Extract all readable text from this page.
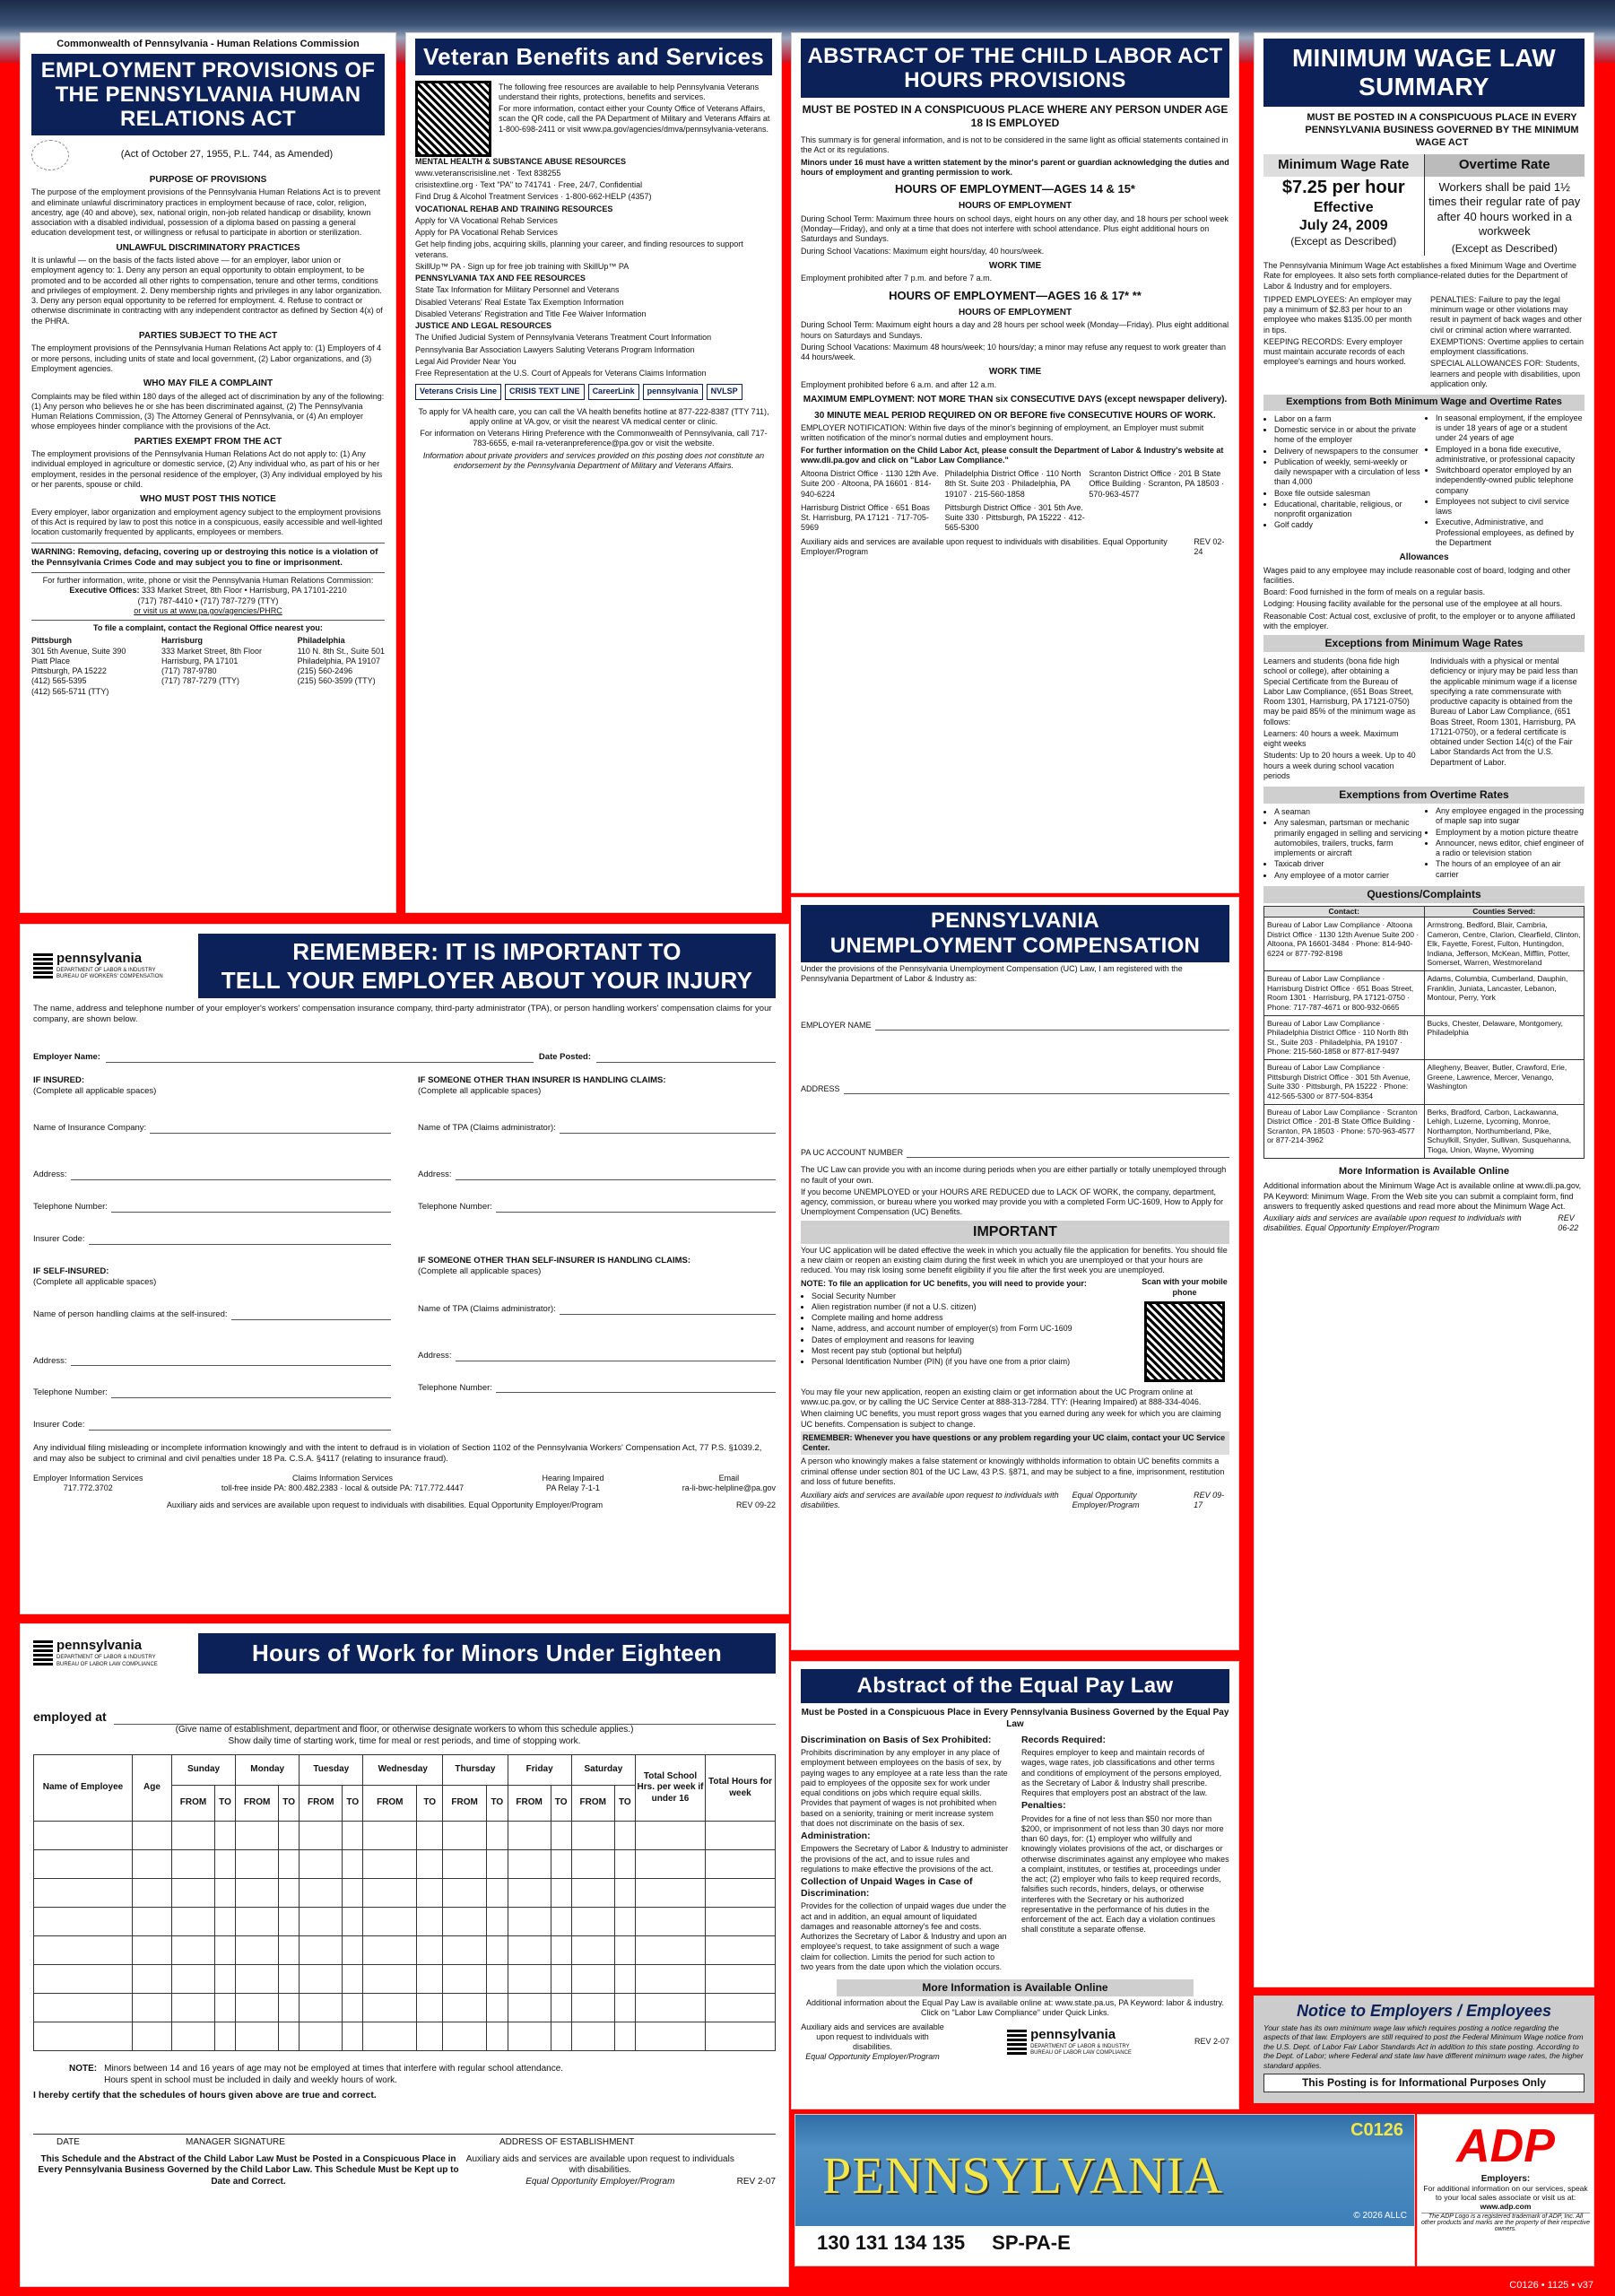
Commonwealth of Pennsylvania - Human Relations Commission
EMPLOYMENT PROVISIONS OF THE PENNSYLVANIA HUMAN RELATIONS ACT
(Act of October 27, 1955, P.L. 744, as Amended)
PURPOSE OF PROVISIONS

The purpose of the employment provisions of the Pennsylvania Human Relations Act is to prevent and eliminate unlawful discriminatory practices in employment because of race, color, religion, ancestry, age (40 and above), sex, national origin, non-job related handicap or disability, known association with a disabled individual, possession of a diploma based on passing a general education development test, or willingness or refusal to participate in abortion or sterilization.

UNLAWFUL DISCRIMINATORY PRACTICES

It is unlawful — on the basis of the facts listed above — for an employer, labor union or employment agency to: 1. Deny any person an equal opportunity to obtain employment, to be promoted and to be accorded all other rights to compensation, tenure and other terms, conditions and privileges of employment. 2. Deny membership rights and privileges in any labor organization. 3. Deny any person equal opportunity to be referred for employment. 4. Refuse to contract or otherwise discriminate in contracting with any independent contractor as defined by Section 4(x) of the PHRA.

PARTIES SUBJECT TO THE ACT

The employment provisions of the Pennsylvania Human Relations Act apply to: (1) Employers of 4 or more persons, including units of state and local government, (2) Labor organizations, and (3) Employment agencies.

WHO MAY FILE A COMPLAINT

Complaints may be filed within 180 days of the alleged act of discrimination by any of the following: (1) Any person who believes he or she has been discriminated against, (2) The Pennsylvania Human Relations Commission, (3) The Attorney General of Pennsylvania, or (4) An employer whose employees hinder compliance with the provisions of the Act.

PARTIES EXEMPT FROM THE ACT

The employment provisions of the Pennsylvania Human Relations Act do not apply to: (1) Any individual employed in agriculture or domestic service, (2) Any individual who, as part of his or her employment, resides in the personal residence of the employer, (3) Any individual employed by his or her parents, spouse or child.

WHO MUST POST THIS NOTICE

Every employer, labor organization and employment agency subject to the employment provisions of this Act is required by law to post this notice in a conspicuous, easily accessible and well-lighted location customarily frequented by applicants, employees or members.

WARNING: Removing, defacing, covering up or destroying this notice is a violation of the Pennsylvania Crimes Code and may subject you to fine or imprisonment.
For further information, write, phone or visit the Pennsylvania Human Relations Commission:
Executive Offices: 333 Market Street, 8th Floor • Harrisburg, PA 17101-2210
(717) 787-4410 • (717) 787-7279 (TTY)
or visit us at www.pa.gov/agencies/PHRC
To file a complaint, contact the Regional Office nearest you:
Pittsburgh
301 5th Avenue, Suite 390
Piatt Place
Pittsburgh, PA 15222
(412) 565-5395
(412) 565-5711 (TTY)
Harrisburg
333 Market Street, 8th Floor
Harrisburg, PA 17101
(717) 787-9780
(717) 787-7279 (TTY)
Philadelphia
110 N. 8th St., Suite 501
Philadelphia, PA 19107
(215) 560-2496
(215) 560-3599 (TTY)
Veteran Benefits and Services

The following free resources are available to help Pennsylvania Veterans understand their rights, protections, benefits and services.

For more information, contact either your County Office of Veterans Affairs, scan the QR code, call the PA Department of Military and Veterans Affairs at 1-800-698-2411 or visit www.pa.gov/agencies/dmva/pennsylvania-veterans.

MENTAL HEALTH & SUBSTANCE ABUSE RESOURCES

www.veteranscrisisline.net · Text 838255

crisistextline.org · Text "PA" to 741741 · Free, 24/7, Confidential

Find Drug & Alcohol Treatment Services · 1-800-662-HELP (4357)

VOCATIONAL REHAB AND TRAINING RESOURCES

Apply for VA Vocational Rehab Services

Apply for PA Vocational Rehab Services

Get help finding jobs, acquiring skills, planning your career, and finding resources to support veterans.

SkillUp™ PA · Sign up for free job training with SkillUp™ PA

PENNSYLVANIA TAX AND FEE RESOURCES

State Tax Information for Military Personnel and Veterans

Disabled Veterans' Real Estate Tax Exemption Information

Disabled Veterans' Registration and Title Fee Waiver Information

JUSTICE AND LEGAL RESOURCES

The Unified Judicial System of Pennsylvania Veterans Treatment Court Information

Pennsylvania Bar Association Lawyers Saluting Veterans Program Information

Legal Aid Provider Near You

Free Representation at the U.S. Court of Appeals for Veterans Claims Information

Veterans Crisis Line	CRISIS TEXT LINE	CareerLink	pennsylvania	NVLSP

To apply for VA health care, you can call the VA health benefits hotline at 877-222-8387 (TTY 711), apply online at VA.gov, or visit the nearest VA medical center or clinic.

For information on Veterans Hiring Preference with the Commonwealth of Pennsylvania, call 717-783-6655, e-mail ra-veteranpreference@pa.gov or visit the website.

Information about private providers and services provided on this posting does not constitute an endorsement by the Pennsylvania Department of Military and Veterans Affairs.

ABSTRACT OF THE CHILD LABOR ACT HOURS PROVISIONS
MUST BE POSTED IN A CONSPICUOUS PLACE WHERE ANY PERSON UNDER AGE 18 IS EMPLOYED

This summary is for general information, and is not to be considered in the same light as official statements contained in the Act or its regulations.

Minors under 16 must have a written statement by the minor's parent or guardian acknowledging the duties and hours of employment and granting permission to work.

HOURS OF EMPLOYMENT—AGES 14 & 15*
HOURS OF EMPLOYMENT

During School Term: Maximum three hours on school days, eight hours on any other day, and 18 hours per school week (Monday—Friday), and only at a time that does not interfere with school attendance. Plus eight additional hours on Saturdays and Sundays.

During School Vacations: Maximum eight hours/day, 40 hours/week.

WORK TIME

Employment prohibited after 7 p.m. and before 7 a.m.

HOURS OF EMPLOYMENT—AGES 16 & 17* **
HOURS OF EMPLOYMENT

During School Term: Maximum eight hours a day and 28 hours per school week (Monday—Friday). Plus eight additional hours on Saturdays and Sundays.

During School Vacations: Maximum 48 hours/week; 10 hours/day; a minor may refuse any request to work greater than 44 hours/week.

WORK TIME

Employment prohibited before 6 a.m. and after 12 a.m.

MAXIMUM EMPLOYMENT: NOT MORE THAN six CONSECUTIVE DAYS (except newspaper delivery).
30 MINUTE MEAL PERIOD REQUIRED ON OR BEFORE five CONSECUTIVE HOURS OF WORK.

EMPLOYER NOTIFICATION: Within five days of the minor's beginning of employment, an Employer must submit written notification of the minor's normal duties and employment hours.

For further information on the Child Labor Act, please consult the Department of Labor & Industry's website at www.dli.pa.gov and click on "Labor Law Compliance."

Altoona District Office · 1130 12th Ave. Suite 200 · Altoona, PA 16601 · 814-940-6224
Philadelphia District Office · 110 North 8th St. Suite 203 · Philadelphia, PA 19107 · 215-560-1858
Scranton District Office · 201 B State Office Building · Scranton, PA 18503 · 570-963-4577
Harrisburg District Office · 651 Boas St. Harrisburg, PA 17121 · 717-705-5969
Pittsburgh District Office · 301 5th Ave. Suite 330 · Pittsburgh, PA 15222 · 412-565-5300
Auxiliary aids and services are available upon request to individuals with disabilities. Equal Opportunity Employer/Program
REV 02-24
MINIMUM WAGE LAW SUMMARY
MUST BE POSTED IN A CONSPICUOUS PLACE IN EVERY PENNSYLVANIA BUSINESS GOVERNED BY THE MINIMUM WAGE ACT
Minimum Wage Rate
$7.25 per hour
Effective
July 24, 2009
(Except as Described)
Overtime Rate
Workers shall be paid 1½ times their regular rate of pay after 40 hours worked in a workweek
(Except as Described)

The Pennsylvania Minimum Wage Act establishes a fixed Minimum Wage and Overtime Rate for employees. It also sets forth compliance-related duties for the Department of Labor & Industry and for employers.

TIPPED EMPLOYEES: An employer may pay a minimum of $2.83 per hour to an employee who makes $135.00 per month in tips.

KEEPING RECORDS: Every employer must maintain accurate records of each employee's earnings and hours worked.

PENALTIES: Failure to pay the legal minimum wage or other violations may result in payment of back wages and other civil or criminal action where warranted.

EXEMPTIONS: Overtime applies to certain employment classifications.

SPECIAL ALLOWANCES FOR: Students, learners and people with disabilities, upon application only.

Exemptions from Both Minimum Wage and Overtime Rates
• Labor on a farm
• Domestic service in or about the private home of the employer
• Delivery of newspapers to the consumer
• Publication of weekly, semi-weekly or daily newspaper with a circulation of less than 4,000
• Boxe file outside salesman
• Educational, charitable, religious, or nonprofit organization
• Golf caddy
• In seasonal employment, if the employee is under 18 years of age or a student under 24 years of age
• Employed in a bona fide executive, administrative, or professional capacity
• Switchboard operator employed by an independently-owned public telephone company
• Employees not subject to civil service laws
• Executive, Administrative, and Professional employees, as defined by the Department
Allowances

Wages paid to any employee may include reasonable cost of board, lodging and other facilities.

Board: Food furnished in the form of meals on a regular basis.

Lodging: Housing facility available for the personal use of the employee at all hours.

Reasonable Cost: Actual cost, exclusive of profit, to the employer or to anyone affiliated with the employer.

Exceptions from Minimum Wage Rates

Learners and students (bona fide high school or college), after obtaining a Special Certificate from the Bureau of Labor Law Compliance, (651 Boas Street, Room 1301, Harrisburg, PA 17121-0750) may be paid 85% of the minimum wage as follows:

Learners: 40 hours a week. Maximum eight weeks

Students: Up to 20 hours a week. Up to 40 hours a week during school vacation periods

Individuals with a physical or mental deficiency or injury may be paid less than the applicable minimum wage if a license specifying a rate commensurate with productive capacity is obtained from the Bureau of Labor Law Compliance, (651 Boas Street, Room 1301, Harrisburg, PA 17121-0750), or a federal certificate is obtained under Section 14(c) of the Fair Labor Standards Act from the U.S. Department of Labor.

Exemptions from Overtime Rates
• A seaman
• Any salesman, partsman or mechanic primarily engaged in selling and servicing automobiles, trailers, trucks, farm implements or aircraft
• Taxicab driver
• Any employee of a motor carrier
• Any employee engaged in the processing of maple sap into sugar
• Employment by a motion picture theatre
• Announcer, news editor, chief engineer of a radio or television station
• The hours of an employee of an air carrier
Questions/Complaints
Contact:	Counties Served:
Bureau of Labor Law Compliance · Altoona District Office · 1130 12th Avenue Suite 200 · Altoona, PA 16601-3484 · Phone: 814-940-6224 or 877-792-8198	Armstrong, Bedford, Blair, Cambria, Cameron, Centre, Clarion, Clearfield, Clinton, Elk, Fayette, Forest, Fulton, Huntingdon, Indiana, Jefferson, McKean, Mifflin, Potter, Somerset, Warren, Westmoreland
Bureau of Labor Law Compliance · Harrisburg District Office · 651 Boas Street, Room 1301 · Harrisburg, PA 17121-0750 · Phone: 717-787-4671 or 800-932-0665	Adams, Columbia, Cumberland, Dauphin, Franklin, Juniata, Lancaster, Lebanon, Montour, Perry, York
Bureau of Labor Law Compliance · Philadelphia District Office · 110 North 8th St., Suite 203 · Philadelphia, PA 19107 · Phone: 215-560-1858 or 877-817-9497	Bucks, Chester, Delaware, Montgomery, Philadelphia
Bureau of Labor Law Compliance · Pittsburgh District Office · 301 5th Avenue, Suite 330 · Pittsburgh, PA 15222 · Phone: 412-565-5300 or 877-504-8354	Allegheny, Beaver, Butler, Crawford, Erie, Greene, Lawrence, Mercer, Venango, Washington
Bureau of Labor Law Compliance · Scranton District Office · 201-B State Office Building · Scranton, PA 18503 · Phone: 570-963-4577 or 877-214-3962	Berks, Bradford, Carbon, Lackawanna, Lehigh, Luzerne, Lycoming, Monroe, Northampton, Northumberland, Pike, Schuylkill, Snyder, Sullivan, Susquehanna, Tioga, Union, Wayne, Wyoming
More Information is Available Online

Additional information about the Minimum Wage Act is available online at www.dli.pa.gov, PA Keyword: Minimum Wage. From the Web site you can submit a complaint form, find answers to frequently asked questions and read more about the Minimum Wage Act.

Auxiliary aids and services are available upon request to individuals with disabilities. Equal Opportunity Employer/Program
REV 06-22
Notice to Employers / Employees

Your state has its own minimum wage law which requires posting a notice regarding the aspects of that law. Employers are still required to post the Federal Minimum Wage notice from the U.S. Dept. of Labor Fair Labor Standards Act in addition to this state posting. According to the Dept. of Labor; where Federal and state law have different minimum wage rates, the higher standard applies.

This Posting is for Informational Purposes Only
pennsylvania
DEPARTMENT OF LABOR & INDUSTRY
BUREAU OF WORKERS' COMPENSATION
REMEMBER: IT IS IMPORTANT TO
TELL YOUR EMPLOYER ABOUT YOUR INJURY

The name, address and telephone number of your employer's workers' compensation insurance company, third-party administrator (TPA), or person handling workers' compensation claims for your company, are shown below.

Employer Name:	Date Posted:
IF INSURED:
(Complete all applicable spaces)
Name of Insurance Company:
Address:
Telephone Number:
Insurer Code:
IF SELF-INSURED:
(Complete all applicable spaces)
Name of person handling claims at the self-insured:
Address:
Telephone Number:
Insurer Code:
IF SOMEONE OTHER THAN INSURER IS HANDLING CLAIMS:
(Complete all applicable spaces)
Name of TPA (Claims administrator):
Address:
Telephone Number:
IF SOMEONE OTHER THAN SELF-INSURER IS HANDLING CLAIMS:
(Complete all applicable spaces)
Name of TPA (Claims administrator):
Address:
Telephone Number:

Any individual filing misleading or incomplete information knowingly and with the intent to defraud is in violation of Section 1102 of the Pennsylvania Workers' Compensation Act, 77 P.S. §1039.2, and may also be subject to criminal and civil penalties under 18 Pa. C.S.A. §4117 (relating to insurance fraud).

Employer Information Services
717.772.3702
Claims Information Services
toll-free inside PA: 800.482.2383 · local & outside PA: 717.772.4447
Hearing Impaired
PA Relay 7-1-1
Email
ra-li-bwc-helpline@pa.gov
Auxiliary aids and services are available upon request to individuals with disabilities. Equal Opportunity Employer/Program	REV 09-22
PENNSYLVANIA
UNEMPLOYMENT COMPENSATION

Under the provisions of the Pennsylvania Unemployment Compensation (UC) Law, I am registered with the Pennsylvania Department of Labor & Industry as:

EMPLOYER NAME
ADDRESS
PA UC ACCOUNT NUMBER

The UC Law can provide you with an income during periods when you are either partially or totally unemployed through no fault of your own.

If you become UNEMPLOYED or your HOURS ARE REDUCED due to LACK OF WORK, the company, department, agency, commission, or bureau where you worked may provide you with a completed Form UC-1609, How to Apply for Unemployment Compensation (UC) Benefits.

IMPORTANT

Your UC application will be dated effective the week in which you actually file the application for benefits. You should file a new claim or reopen an existing claim during the first week in which you are unemployed or that your hours are reduced. You may risk losing some benefit eligibility if you file after the first week you are unemployed.

NOTE: To file an application for UC benefits, you will need to provide your:

• Social Security Number
• Alien registration number (if not a U.S. citizen)
• Complete mailing and home address
• Name, address, and account number of employer(s) from Form UC-1609
• Dates of employment and reasons for leaving
• Most recent pay stub (optional but helpful)
• Personal Identification Number (PIN) (if you have one from a prior claim)
Scan with your mobile phone

You may file your new application, reopen an existing claim or get information about the UC Program online at www.uc.pa.gov, or by calling the UC Service Center at 888-313-7284. TTY: (Hearing Impaired) at 888-334-4046.

When claiming UC benefits, you must report gross wages that you earned during any week for which you are claiming UC benefits. Compensation is subject to change.

REMEMBER: Whenever you have questions or any problem regarding your UC claim, contact your UC Service Center.

A person who knowingly makes a false statement or knowingly withholds information to obtain UC benefits commits a criminal offense under section 801 of the UC Law, 43 P.S. §871, and may be subject to a fine, imprisonment, restitution and loss of future benefits.

Auxiliary aids and services are available upon request to individuals with disabilities.
Equal Opportunity Employer/Program
REV 09-17
pennsylvania
DEPARTMENT OF LABOR & INDUSTRY
BUREAU OF LABOR LAW COMPLIANCE	Hours of Work for Minors Under Eighteen
employed at
(Give name of establishment, department and floor, or otherwise designate workers to whom this schedule applies.)
Show daily time of starting work, time for meal or rest periods, and time of stopping work.
Name of Employee	Age	Sunday		Monday		Tuesday		Wednesday		Thursday		Friday		Saturday		Total School Hrs. per week if under 16	Total Hours for week
		FROM	TO	FROM	TO	FROM	TO	FROM	TO	FROM	TO	FROM	TO	FROM	TO		

NOTE: Minors between 14 and 16 years of age may not be employed at times that interfere with regular school attendance.
Hours spent in school must be included in daily and weekly hours of work.
I hereby certify that the schedules of hours given above are true and correct.
DATE	MANAGER SIGNATURE	ADDRESS OF ESTABLISHMENT
This Schedule and the Abstract of the Child Labor Law Must be Posted in a Conspicuous Place in Every Pennsylvania Business Governed by the Child Labor Law. This Schedule Must be Kept up to Date and Correct.
Auxiliary aids and services are available upon request to individuals with disabilities.
Equal Opportunity Employer/Program	REV 2-07
Abstract of the Equal Pay Law
Must be Posted in a Conspicuous Place in Every Pennsylvania Business Governed by the Equal Pay Law
Discrimination on Basis of Sex Prohibited:

Prohibits discrimination by any employer in any place of employment between employees on the basis of sex, by paying wages to any employee at a rate less than the rate paid to employees of the opposite sex for work under equal conditions on jobs which require equal skills. Provides that payment of wages is not prohibited when based on a seniority, training or merit increase system that does not discriminate on the basis of sex.

Administration:

Empowers the Secretary of Labor & Industry to administer the provisions of the act, and to issue rules and regulations to make effective the provisions of the act.

Collection of Unpaid Wages in Case of Discrimination:

Provides for the collection of unpaid wages due under the act and in addition, an equal amount of liquidated damages and reasonable attorney's fee and costs. Authorizes the Secretary of Labor & Industry and upon an employee's request, to take assignment of such a wage claim for collection. Limits the period for such action to two years from the date upon which the violation occurs.

Records Required:

Requires employer to keep and maintain records of wages, wage rates, job classifications and other terms and conditions of employment of the persons employed, as the Secretary of Labor & Industry shall prescribe. Requires that employers post an abstract of the law.

Penalties:

Provides for a fine of not less than $50 nor more than $200, or imprisonment of not less than 30 days nor more than 60 days, for: (1) employer who willfully and knowingly violates provisions of the act, or discharges or otherwise discriminates against any employee who makes a complaint, institutes, or testifies at, proceedings under the act; (2) employer who fails to keep required records, falsifies such records, hinders, delays, or otherwise interferes with the Secretary or his authorized representative in the performance of his duties in the enforcement of the act. Each day a violation continues shall constitute a separate offense.

More Information is Available Online

Additional information about the Equal Pay Law is available online at: www.state.pa.us, PA Keyword: labor & industry. Click on "Labor Law Compliance" under Quick Links.

Auxiliary aids and services are available upon request to individuals with disabilities.
Equal Opportunity Employer/Program
pennsylvania
DEPARTMENT OF LABOR & INDUSTRY
BUREAU OF LABOR LAW COMPLIANCE
REV 2-07
C0126
PENNSYLVANIA
© 2026 ALLC
130 131 134 135 SP-PA-E
ADP
Employers:
For additional information on our services, speak to your local sales associate or visit us at:
www.adp.com
The ADP Logo is a registered trademark of ADP, Inc. All other products and marks are the property of their respective owners.
C0126 • 1125 • v37
